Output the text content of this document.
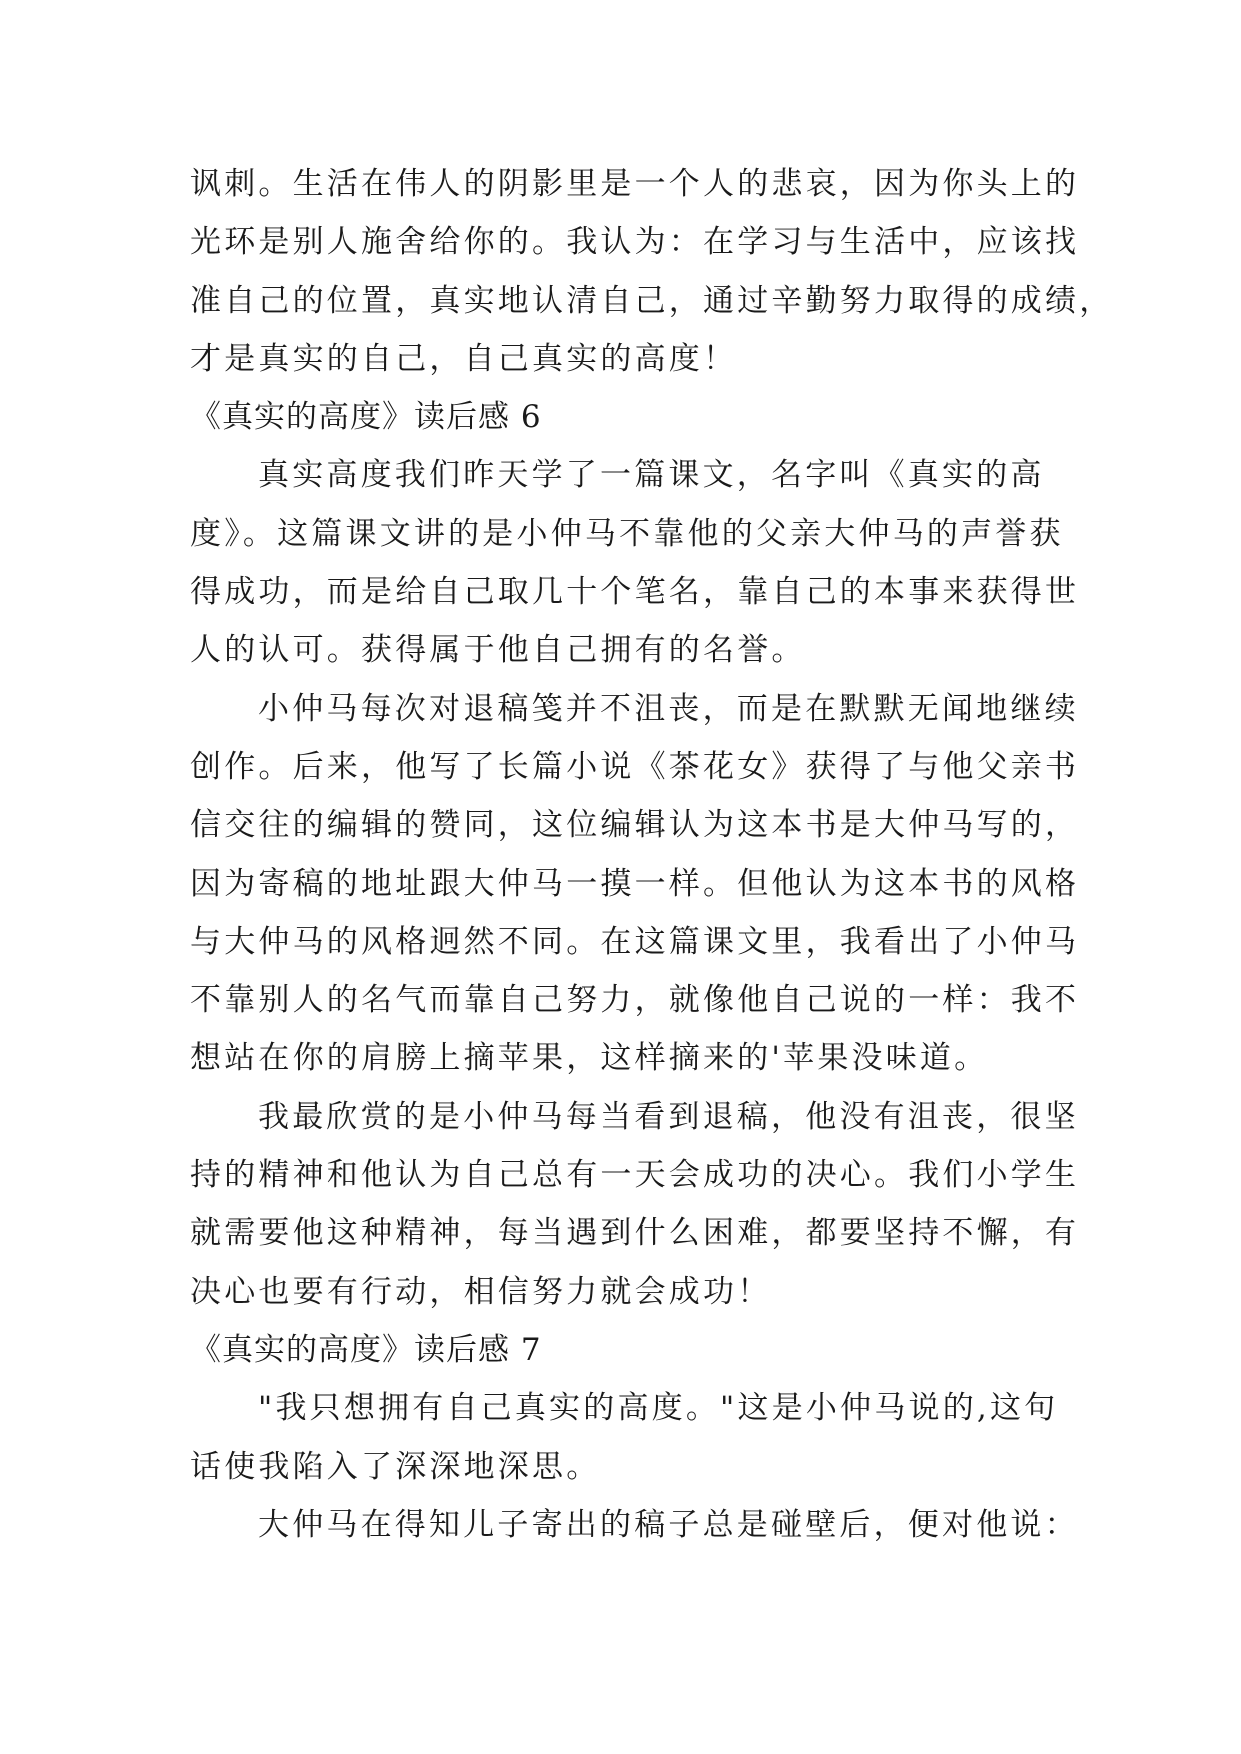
讽刺。生活在伟人的阴影里是一个人的悲哀，因为你头上的
光环是别人施舍给你的。我认为：在学习与生活中，应该找
准自己的位置，真实地认清自己，通过辛勤努力取得的成绩，
才是真实的自己，自己真实的高度！
《真实的高度》读后感 6
真实高度我们昨天学了一篇课文，名字叫《真实的高
度》。这篇课文讲的是小仲马不靠他的父亲大仲马的声誉获
得成功，而是给自己取几十个笔名，靠自己的本事来获得世
人的认可。获得属于他自己拥有的名誉。
小仲马每次对退稿笺并不沮丧，而是在默默无闻地继续
创作。后来，他写了长篇小说《茶花女》获得了与他父亲书
信交往的编辑的赞同，这位编辑认为这本书是大仲马写的，
因为寄稿的地址跟大仲马一摸一样。但他认为这本书的风格
与大仲马的风格迥然不同。在这篇课文里，我看出了小仲马
不靠别人的名气而靠自己努力，就像他自己说的一样：我不
想站在你的肩膀上摘苹果，这样摘来的'苹果没味道。
我最欣赏的是小仲马每当看到退稿，他没有沮丧，很坚
持的精神和他认为自己总有一天会成功的决心。我们小学生
就需要他这种精神，每当遇到什么困难，都要坚持不懈，有
决心也要有行动，相信努力就会成功！
《真实的高度》读后感 7
"我只想拥有自己真实的高度。"这是小仲马说的,这句
话使我陷入了深深地深思。
大仲马在得知儿子寄出的稿子总是碰壁后，便对他说：
